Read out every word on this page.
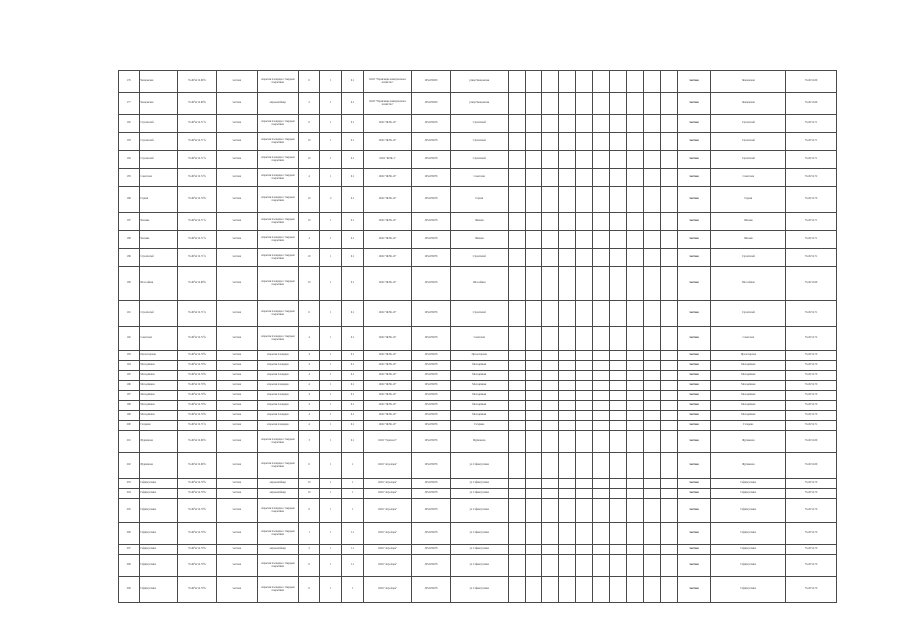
176	Ченцовская	55.49°ш 52.69°в	частная	открытая площадка с твердым покрытием	6	1	0.1	ООО "Управление коммунальное хозяйство"	1654138250	улица Ченцовская											частная	Ченцовская	55.49 52.69
177	Ченцовская	55.49°ш 52.69°в	частная	евроконтейнер	2	1	0.1	ООО "Управление коммунальное хозяйство"	1654138250	улица Ченцовская											частная	Ченцовская	55.49 52.69
182	Строителей	55.49°ш 52.71°в	частная	открытая площадка с твердым покрытием	6	1	0.1	ООО "ЖЭК-10"	1654138276	Строителей											частная	Строителей	55.49 52.71
183	Строителей	55.49°ш 52.71°в	частная	открытая площадка с твердым покрытием	10	1	0.1	ООО "ЖЭК-10"	1654138276	Строителей											частная	Строителей	55.49 52.71
184	Строителей	55.49°ш 52.71°в	частная	открытая площадка с твердым покрытием	10	1	0.1	ООО "ЖЭК-1"	1654138276	Строителей											частная	Строителей	55.49 52.71
185	Советская	55.49°ш 52.72°в	частная	открытая площадка с твердым покрытием	4	1	0.1	ООО "ЖЭК-10"	1654138276	Советская											частная	Советская	55.49 52.72
186	Горная	55.49°ш 52.70°в	частная	открытая площадка с твердым покрытием	10	2	0.1	ООО "ЖЭК-10"	1654138276	Горная											частная	Горная	55.49 52.70
187	Чапаева	55.49°ш 52.71°в	частная	открытая площадка с твердым покрытием	10	1	0.1	ООО "ЖЭК-10"	1654138276	Чапаева											частная	Чапаева	55.49 52.71
188	Чапаева	55.49°ш 52.71°в	частная	открытая площадка с твердым покрытием	4	1	0.1	ООО "ЖЭК-10"	1654138276	Чапаева											частная	Чапаева	55.49 52.71
189	Строителей	55.49°ш 52.71°в	частная	открытая площадка с твердым покрытием	10	1	0.1	ООО "ЖЭК-10"	1654138276	Строителей											частная	Строителей	55.49 52.71
190	Шоссейная	55.49°ш 52.69°в	частная	открытая площадка с твердым покрытием	10	1	0.1	ООО "ЖЭК-10"	1654138276	Шоссейная											частная	Шоссейная	55.49 52.69
191	Строителей	55.49°ш 52.71°в	частная	открытая площадка с твердым покрытием	6	1	0.1	ООО "ЖЭК-10"	1654138276	Строителей											частная	Строителей	55.49 52.71
192	Советская	55.49°ш 52.72°в	частная	открытая площадка с твердым покрытием	4	1	0.1	ООО "ЖЭК-10"	1654138276	Советская											частная	Советская	55.49 52.72
193	Пролетарская	55.49°ш 52.70°в	частная	открытая площадка	4	1	0.1	ООО "ЖЭК-10"	1654138276	Пролетарская											частная	Пролетарская	55.49 52.70
194	Молодёжная	55.49°ш 52.70°в	частная	открытая площадка	4	1	0.1	ООО "ЖЭК-10"	1654138276	Молодёжная											частная	Молодёжная	55.49 52.70
195	Молодёжная	55.49°ш 52.70°в	частная	открытая площадка	4	1	0.1	ООО "ЖЭК-10"	1654138276	Молодёжная											частная	Молодёжная	55.49 52.70
196	Молодёжная	55.49°ш 52.70°в	частная	открытая площадка	4	1	0.1	ООО "ЖЭК-10"	1654138276	Молодёжная											частная	Молодёжная	55.49 52.70
197	Молодёжная	55.49°ш 52.70°в	частная	открытая площадка	4	1	0.1	ООО "ЖЭК-10"	1654138276	Молодёжная											частная	Молодёжная	55.49 52.70
198	Молодёжная	55.49°ш 52.70°в	частная	открытая площадка	4	1	0.1	ООО "ЖЭК-10"	1654138276	Молодёжная											частная	Молодёжная	55.49 52.70
199	Молодёжная	55.49°ш 52.70°в	частная	открытая площадка	4	1	0.1	ООО "ЖЭК-10"	1654138276	Молодёжная											частная	Молодёжная	55.49 52.70
200	Гагарина	55.49°ш 52.71°в	частная	открытая площадка	4	1	0.1	ООО "ЖЭК-10"	1654138276	Гагарина											частная	Гагарина	55.49 52.71
201	Фурманова	55.49°ш 52.69°в	частная	открытая площадка с твердым покрытием	3	1	0.1	ООО "Горизонт"	1654138276	Фурманова											частная	Фурманова	55.49 52.69
202	Фурманова	55.49°ш 52.69°в	частная	открытая площадка с твердым покрытием	6	1	1	ООО "Агропарк"	1654138276	ул. Гафиатуллина											частная	Фурманова	55.49 52.69
203	Гафиатуллина	55.49°ш 52.70°в	частная	евроконтейнер	10	1	1	ООО "Агропарк"	1654138276	ул. Гафиатуллина											частная	Гафиатуллина	55.49 52.70
204	Гафиатуллина	55.49°ш 52.70°в	частная	евроконтейнер	10	1	1	ООО "Агропарк"	1654138276	ул. Гафиатуллина											частная	Гафиатуллина	55.49 52.70
205	Гафиатуллина	55.49°ш 52.70°в	частная	открытая площадка с твердым покрытием	6	1	1	ООО "Агропарк"	1654138276	ул. Гафиатуллина											частная	Гафиатуллина	55.49 52.70
206	Гафиатуллина	55.49°ш 52.70°в	частная	открытая площадка с твердым покрытием	1	1	1.1	ООО "Агропарк"	1654138276	ул. Гафиатуллина											частная	Гафиатуллина	55.49 52.70
207	Гафиатуллина	55.49°ш 52.70°в	частная	евроконтейнер	2	1	1.1	ООО "Агропарк"	1654138276	ул. Гафиатуллина											частная	Гафиатуллина	55.49 52.70
208	Гафиатуллина	55.49°ш 52.70°в	частная	открытая площадка с твердым покрытием	6	1	1.1	ООО "Агропарк"	1654138276	ул. Гафиатуллина											частная	Гафиатуллина	55.49 52.70
209	Гафиатуллина	55.49°ш 52.70°в	частная	открытая площадка с твердым покрытием	6	1	1	ООО "Агропарк"	1654138276	ул. Гафиатуллина											частная	Гафиатуллина	55.49 52.70
